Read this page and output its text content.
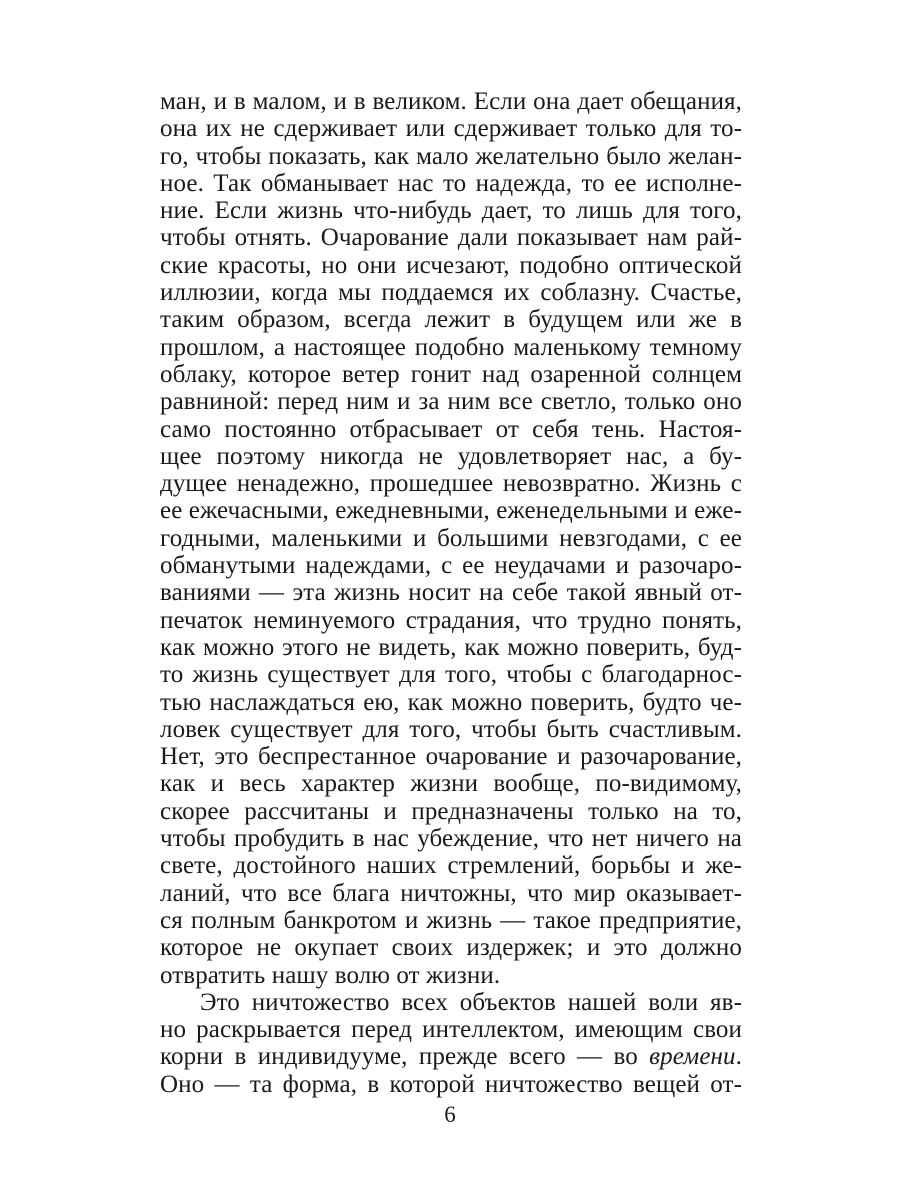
ман, и в малом, и в великом. Если она дает обещания,
она их не сдерживает или сдерживает только для то-
го, чтобы показать, как мало желательно было желан-
ное. Так обманывает нас то надежда, то ее исполне-
ние. Если жизнь что-нибудь дает, то лишь для того,
чтобы отнять. Очарование дали показывает нам рай-
ские красоты, но они исчезают, подобно оптической
иллюзии, когда мы поддаемся их соблазну. Счастье,
таким образом, всегда лежит в будущем или же в
прошлом, а настоящее подобно маленькому темному
облаку, которое ветер гонит над озаренной солнцем
равниной: перед ним и за ним все светло, только оно
само постоянно отбрасывает от себя тень. Настоя-
щее поэтому никогда не удовлетворяет нас, а бу-
дущее ненадежно, прошедшее невозвратно. Жизнь с
ее ежечасными, ежедневными, еженедельными и еже-
годными, маленькими и большими невзгодами, с ее
обманутыми надеждами, с ее неудачами и разочаро-
ваниями — эта жизнь носит на себе такой явный от-
печаток неминуемого страдания, что трудно понять,
как можно этого не видеть, как можно поверить, буд-
то жизнь существует для того, чтобы с благодарнос-
тью наслаждаться ею, как можно поверить, будто че-
ловек существует для того, чтобы быть счастливым.
Нет, это беспрестанное очарование и разочарование,
как и весь характер жизни вообще, по-видимому,
скорее рассчитаны и предназначены только на то,
чтобы пробудить в нас убеждение, что нет ничего на
свете, достойного наших стремлений, борьбы и же-
ланий, что все блага ничтожны, что мир оказывает-
ся полным банкротом и жизнь — такое предприятие,
которое не окупает своих издержек; и это должно
отвратить нашу волю от жизни.
Это ничтожество всех объектов нашей воли яв-
но раскрывается перед интеллектом, имеющим свои
корни в индивидууме, прежде всего — во времени.
Оно — та форма, в которой ничтожество вещей от-
6
